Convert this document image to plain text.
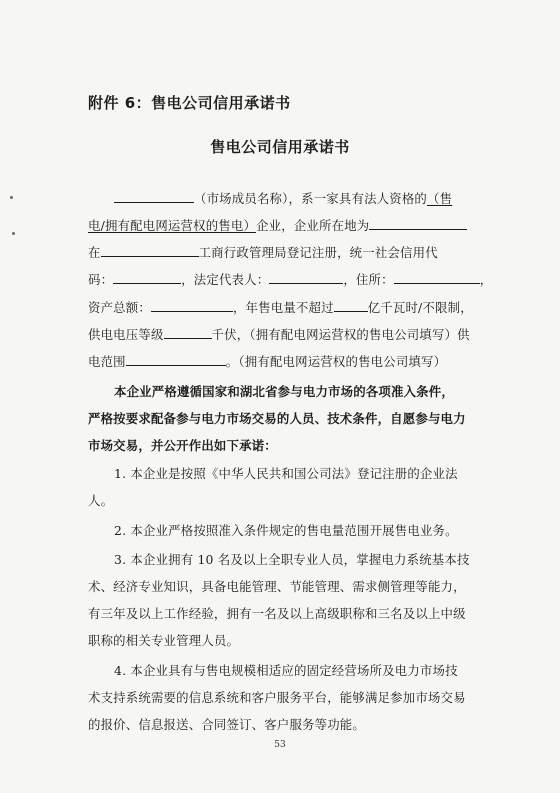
附件 6：售电公司信用承诺书
售电公司信用承诺书
（市场成员名称），系一家具有法人资格的（售
电/拥有配电网运营权的售电）企业，企业所在地为
在	工商行政管理局登记注册，统一社会信用代
码：	，法定代表人：	，住所：	，
资产总额：	，年售电量不超过	亿千瓦时/不限制，
供电电压等级	千伏，（拥有配电网运营权的售电公司填写）供
电范围	。（拥有配电网运营权的售电公司填写）
本企业严格遵循国家和湖北省参与电力市场的各项准入条件，
严格按要求配备参与电力市场交易的人员、技术条件，自愿参与电力
市场交易，并公开作出如下承诺：
1. 本企业是按照《中华人民共和国公司法》登记注册的企业法
人。
2. 本企业严格按照准入条件规定的售电量范围开展售电业务。
3. 本企业拥有 10 名及以上全职专业人员，掌握电力系统基本技
术、经济专业知识，具备电能管理、节能管理、需求侧管理等能力，
有三年及以上工作经验，拥有一名及以上高级职称和三名及以上中级
职称的相关专业管理人员。
4. 本企业具有与售电规模相适应的固定经营场所及电力市场技
术支持系统需要的信息系统和客户服务平台，能够满足参加市场交易
的报价、信息报送、合同签订、客户服务等功能。
53
